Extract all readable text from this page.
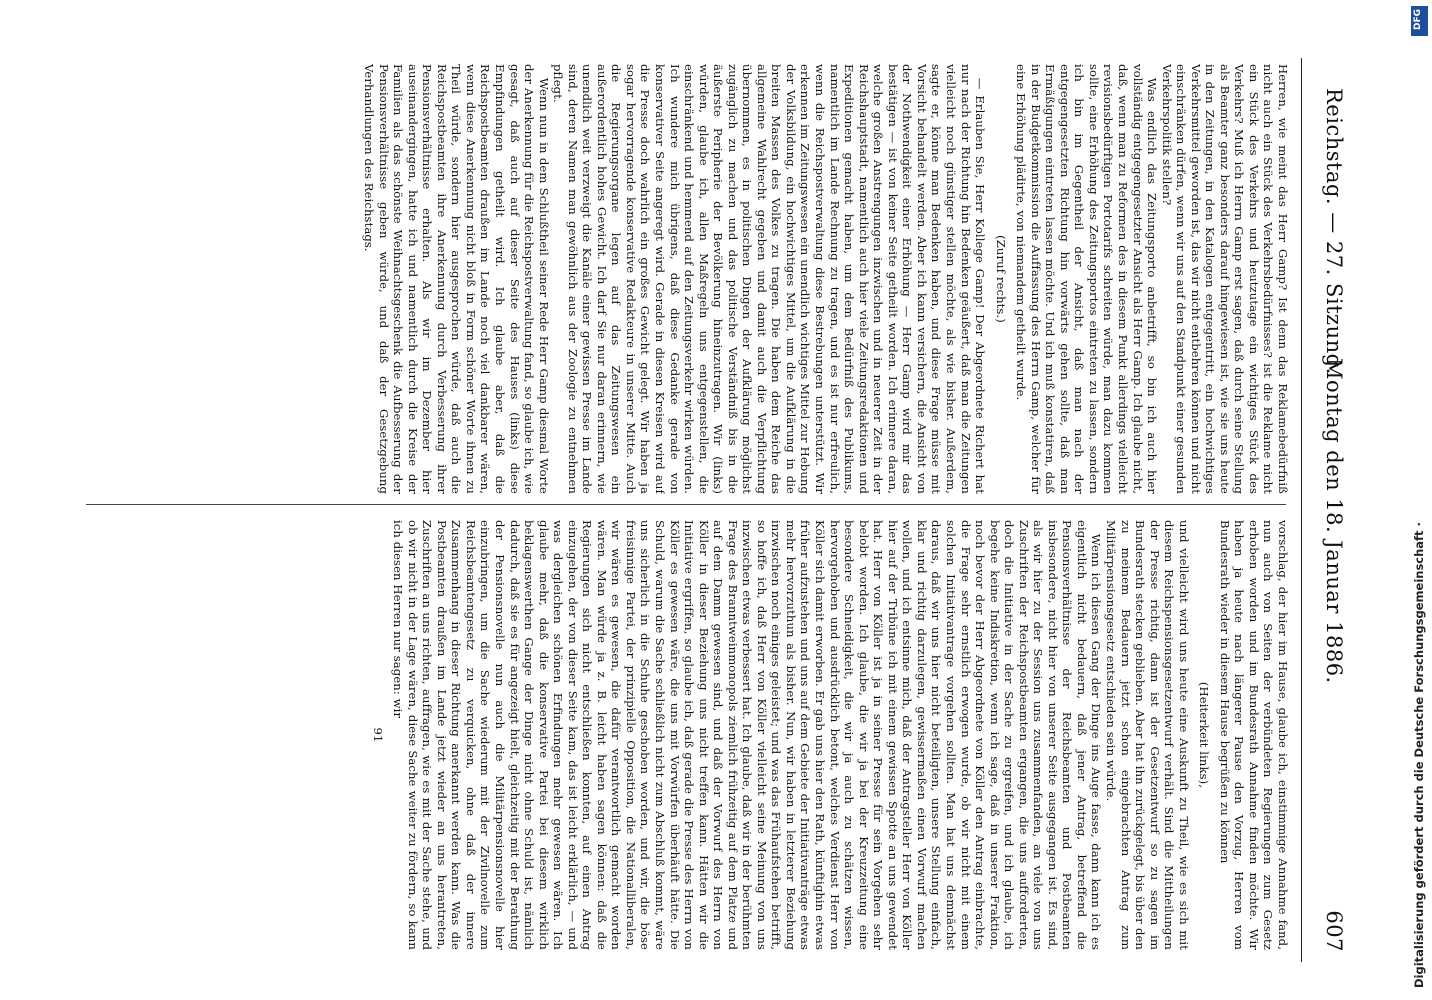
Reichstag. — 27. Sitzung.
Montag den 18. Januar 1886.
607

Herren, wie meint das Herr Gamp? Ist denn das Reklamebedürfniß nicht auch ein Stück des Verkehrsbedürfnisses? ist die Reklame nicht ein Stück des Verkehrs und heutzutage ein wichtiges Stück des Verkehrs? Muß ich Herrn Gamp erst sagen, daß durch seine Stellung als Beamter ganz besonders darauf hingewiesen ist, wie sie uns heute in den Zeitungen, in den Katalogen entgegentritt, ein hochwichtiges Verkehrsmittel geworden ist, das wir nicht entbehren können und nicht einschränken dürfen, wenn wir uns auf den Standpunkt einer gesunden Verkehrspolitik stellen?

Was endlich das Zeitungsporto anbetrifft, so bin ich auch hier vollständig entgegengesetzter Ansicht als Herr Gamp. Ich glaube nicht, daß, wenn man zu Reformen des in diesem Punkt allerdings vielleicht revisionsbedürftigen Portotarifs schreiten würde, man dazu kommen sollte, eine Erhöhung des Zeitungsportos eintreten zu lassen, sondern ich bin im Gegentheil der Ansicht, daß man nach der entgegengesetzten Richtung hin vorwärts gehen sollte, daß man Ermäßigungen eintreten lassen möchte. Und ich muß konstatiren, daß in der Budgetkommission die Auffassung des Herrn Gamp, welcher für eine Erhöhung plädirte, von niemandem getheilt wurde.

(Zuruf rechts.)

— Erlauben Sie, Herr Kollege Gamp! Der Abgeordnete Richert hat nur nach der Richtung hin Bedenken geäußert, daß man die Zeitungen vielleicht noch günstiger stellen möchte, als wie bisher. Außerdem, sagte er, könne man Bedenken haben, und diese Frage müsse mit Vorsicht behandelt werden. Aber ich kann versichern, die Ansicht von der Nothwendigkeit einer Erhöhung — Herr Gamp wird mir das bestätigen — ist von keiner Seite getheilt worden. Ich erinnere daran, welche großen Anstrengungen inzwischen und in neuerer Zeit in der Reichshauptstadt, namentlich auch hier viele Zeitungsredaktionen und Expeditionen gemacht haben, um dem Bedürfniß des Publikums, namentlich im Lande Rechnung zu tragen, und es ist nur erfreulich, wenn die Reichspostverwaltung diese Bestrebungen unterstützt. Wir erkennen im Zeitungswesen ein unendlich wichtiges Mittel zur Hebung der Volksbildung, ein hochwichtiges Mittel, um die Aufklärung in die breiten Massen des Volkes zu tragen. Die haben dem Reiche das allgemeine Wahlrecht gegeben und damit auch die Verpflichtung übernommen, es in politischen Dingen der Aufklärung möglichst zugänglich zu machen und das politische Verständniß bis in die äußerste Peripherie der Bevölkerung hineinzutragen. Wir (links) würden, glaube ich, allen Maßregeln uns entgegenstellen, die einschränkend und hemmend auf den Zeitungsverkehr wirken würden. Ich wundere mich übrigens, daß diese Gedanke gerade von konservativer Seite angeregt wird. Gerade in diesen Kreisen wird auf die Presse doch wahrlich ein großes Gewicht gelegt. Wir haben ja sogar hervorragende konservative Redakteure in unserer Mitte. Auch die Regierungsorgane legen auf das Zeitungswesen ein außerordentlich hohes Gewicht. Ich darf Sie nur daran erinnern, wie unendlich weit verzweigt die Kanäle einer gewissen Presse im Lande sind, deren Namen man gewöhnlich aus der Zoologie zu entnehmen pflegt.

Wenn nun in dem Schlußtheil seiner Rede Herr Gamp diesmal Worte der Anerkennung für die Reichspostverwaltung fand, so glaube ich, wie gesagt, daß auch auf dieser Seite des Hauses (links) diese Empfindungen getheilt wird. Ich glaube aber, daß die Reichspostbeamten draußen im Lande noch viel dankbarer wären, wenn diese Anerkennung nicht bloß in Form schöner Worte ihnen zu Theil würde, sondern hier ausgesprochen würde, daß auch die Reichspostbeamten ihre Anerkennung durch Verbesserung ihrer Pensionsverhältnisse erhalten. Als wir im Dezember hier auseinandergingen, hatte ich und namentlich durch die Kreise der Familien als das schönste Weihnachtsgeschenk die Aufbesserung der Pensionsverhältnisse geben würde, und daß der Gesetzgebung Verhandlungen des Reichstags.

vorschlag, der hier im Hause, glaube ich, einstimmige Annahme fand, nun auch von Seiten der verbündeten Regierungen zum Gesetz erhoben worden und im Bundesrath Annahme finden möchte. Wir haben ja heute nach längerer Pause den Vorzug, Herren vom Bundesrath wieder in diesem Hause begrüßen zu können

(Heiterkeit links),

und vielleicht wird uns heute eine Auskunft zu Theil, wie es sich mit diesem Reichspensionsgesetzentwurf verhält. Sind die Mittheilungen der Presse richtig, dann ist der Gesetzentwurf so zu sagen im Bundesrath stecken geblieben. Aber hat ihn zurückgelegt, bis über den zu meinem Bedauern jetzt schon eingebrachten Antrag zum Militärpensionsgesetz entschieden sein würde.

Wenn ich diesen Gang der Dinge ins Auge fasse, dann kann ich es eigentlich nicht bedauern, daß jener Antrag, betreffend die Pensionsverhältnisse der Reichsbeamten und Postbeamten insbesondere, nicht hier von unserer Seite ausgegangen ist. Es sind, als wir hier zu der Session uns zusammenfanden, an viele von uns Zuschriften der Reichspostbeamten ergangen, die uns aufforderten, doch die Initiative in der Sache zu ergreifen, und ich glaube, ich begehe keine Indiskretion, wenn ich sage, daß in unserer Fraktion, noch bevor der Herr Abgeordnete von Köller den Antrag einbrachte, die Frage sehr ernstlich erwogen wurde, ob wir nicht mit einem solchen Initiativantrage vorgehen sollten. Man hat uns demnächst daraus, daß wir uns hier nicht beteiligten, unsere Stellung einfach, klar und richtig darzulegen, gewissermaßen einen Vorwurf machen wollen, und ich entsinne mich, daß der Antragsteller Herr von Köller hier auf der Tribüne ich mit einem gewissen Spotte an uns gewendet hat. Herr von Köller ist ja in seiner Presse für sein Vorgehen sehr belobt worden. Ich glaube, die wir ja bei der Kreuzzeitung eine besondere Schneidigkeit, die wir ja auch zu schätzen wissen, hervorgehoben und ausdrücklich betont, welches Verdienst Herr von Köller sich damit erworben. Er gab uns hier den Rath, künftighin etwas früher aufzustehen und uns auf dem Gebiete der Initiativanträge etwas mehr hervorzuthun als bisher. Nun, wir haben in letzterer Beziehung inzwischen noch einiges geleistet; und was das Frühaufstehen betrifft, so hoffe ich, daß Herr von Köller vielleicht seine Meinung von uns inzwischen etwas verbessert hat. Ich glaube, daß wir in der berühmten Frage des Branntweinmonopols ziemlich frühzeitig auf dem Platze und auf dem Damm gewesen sind, und daß der Vorwurf des Herrn von Köller in dieser Beziehung uns nicht treffen kann. Hätten wir die Initiative ergriffen, so glaube ich, daß gerade die Presse des Herrn von Köller es gewesen wäre, die uns mit Vorwürfen überhäuft hätte. Die Schuld, warum die Sache schließlich nicht zum Abschluß kommt, wäre uns sicherlich in die Schuhe geschoben worden, und wir, die böse freisinnige Partei, der prinzipielle Opposition, die Nationalliberalen, wir wären es gewesen, die dafür verantwortlich gemacht worden wären. Man würde ja z. B. leicht haben sagen können: daß die Regierungen sich nicht entschließen konnten, auf einen Antrag einzugehen, der von dieser Seite kam, das ist leicht erklärlich, — und was dergleichen schönen Erfindungen mehr gewesen wären. Ich glaube mehr, daß die konservative Partei bei diesem wirklich beklagenswerthen Gange der Dinge nicht ohne Schuld ist, nämlich dadurch, daß sie es für angezeigt hielt, gleichzeitig mit der Berathung der Pensionsnovelle nun auch die Militärpensionsnovelle hier einzubringen, um die Sache wiederum mit der Zivilnovelle zum Reichsbeamtengesetz zu verquicken, ohne daß der innere Zusammenhang in dieser Richtung anerkannt werden kann. Was die Postbeamten draußen im Lande jetzt wieder an uns herantreten, Zuschriften an uns richten, auffragen, wie es mit der Sache stehe, und ob wir nicht in der Lage wären, diese Sache weiter zu fördern, so kann ich diesen Herren nur sagen: wir

91	Digitalisierung gefördert durch die Deutsche Forschungsgemeinschaft ·
DFG
